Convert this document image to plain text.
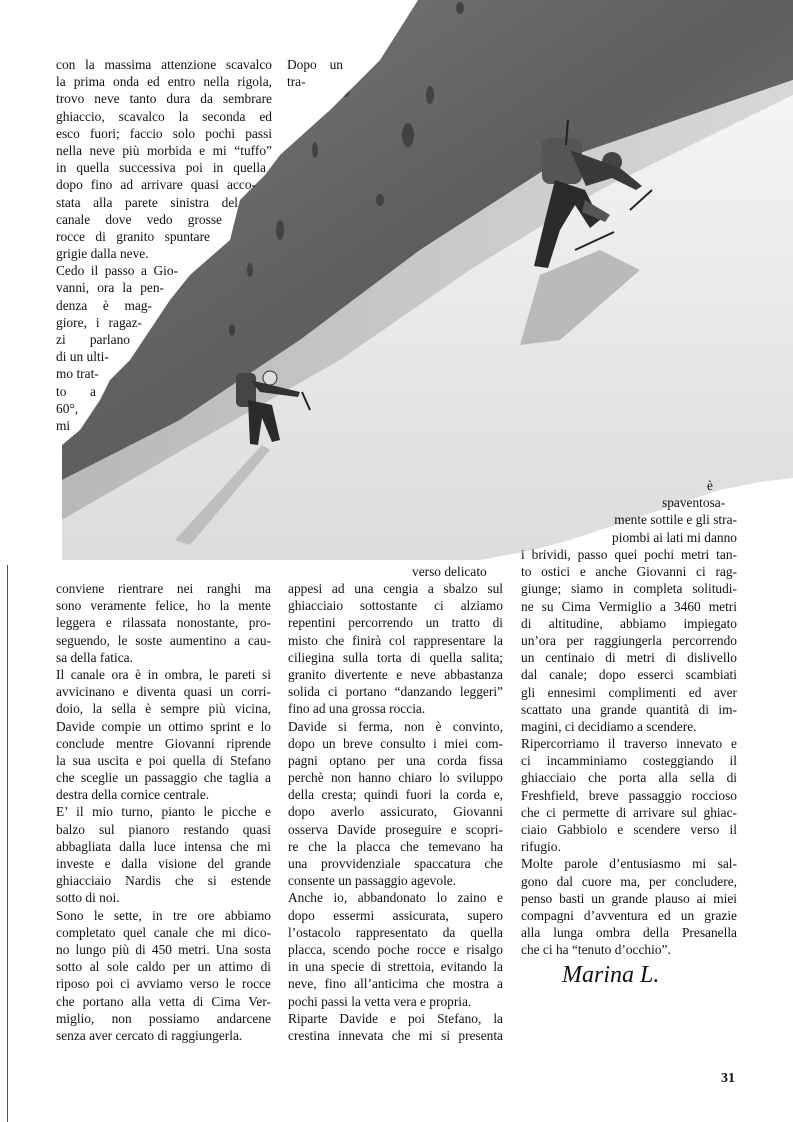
con la massima attenzione scavalco
la prima onda ed entro nella rigola,
trovo neve tanto dura da sembrare
ghiaccio, scavalco la seconda ed
esco fuori; faccio solo pochi passi
nella neve più morbida e mi “tuffo”
in quella successiva poi in quella
dopo fino ad arrivare quasi acco-
stata alla parete sinistra del
canale dove vedo grosse
rocce di granito spuntare
grigie dalla neve.
Cedo il passo a Gio-
vanni, ora la pen-
denza è mag-
giore, i ragaz-
zi parlano
di un ulti-
mo trat-
to a
60°,
mi
Dopo un
tra-
è
spaventosa-
mente sottile e gli stra-
piombi ai lati mi danno
verso delicato
conviene rientrare nei ranghi ma
sono veramente felice, ho la mente
leggera e rilassata nonostante, pro-
seguendo, le soste aumentino a cau-
sa della fatica.
Il canale ora è in ombra, le pareti si
avvicinano e diventa quasi un corri-
doio, la sella è sempre più vicina,
Davide compie un ottimo sprint e lo
conclude mentre Giovanni riprende
la sua uscita e poi quella di Stefano
che sceglie un passaggio che taglia a
destra della cornice centrale.
E’ il mio turno, pianto le picche e
balzo sul pianoro restando quasi
abbagliata dalla luce intensa che mi
investe e dalla visione del grande
ghiacciaio Nardis che si estende
sotto di noi.
Sono le sette, in tre ore abbiamo
completato quel canale che mi dico-
no lungo più di 450 metri. Una sosta
sotto al sole caldo per un attimo di
riposo poi ci avviamo verso le rocce
che portano alla vetta di Cima Ver-
miglio, non possiamo andarcene
senza aver cercato di raggiungerla.
appesi ad una cengia a sbalzo sul
ghiacciaio sottostante ci alziamo
repentini percorrendo un tratto di
misto che finirà col rappresentare la
ciliegina sulla torta di quella salita;
granito divertente e neve abbastanza
solida ci portano “danzando leggeri”
fino ad una grossa roccia.
Davide si ferma, non è convinto,
dopo un breve consulto i miei com-
pagni optano per una corda fissa
perchè non hanno chiaro lo sviluppo
della cresta; quindi fuori la corda e,
dopo averlo assicurato, Giovanni
osserva Davide proseguire e scopri-
re che la placca che temevano ha
una provvidenziale spaccatura che
consente un passaggio agevole.
Anche io, abbandonato lo zaino e
dopo essermi assicurata, supero
l’ostacolo rappresentato da quella
placca, scendo poche rocce e risalgo
in una specie di strettoia, evitando la
neve, fino all’anticima che mostra a
pochi passi la vetta vera e propria.
Riparte Davide e poi Stefano, la
crestina innevata che mi si presenta
i brividi, passo quei pochi metri tan-
to ostici e anche Giovanni ci rag-
giunge; siamo in completa solitudi-
ne su Cima Vermiglio a 3460 metri
di altitudine, abbiamo impiegato
un’ora per raggiungerla percorrendo
un centinaio di metri di dislivello
dal canale; dopo esserci scambiati
gli ennesimi complimenti ed aver
scattato una grande quantità di im-
magini, ci decidiamo a scendere.
Ripercorriamo il traverso innevato e
ci incamminiamo costeggiando il
ghiacciaio che porta alla sella di
Freshfield, breve passaggio roccioso
che ci permette di arrivare sul ghiac-
ciaio Gabbiolo e scendere verso il
rifugio.
Molte parole d’entusiasmo mi sal-
gono dal cuore ma, per concludere,
penso basti un grande plauso ai miei
compagni d’avventura ed un grazie
alla lunga ombra della Presanella
che ci ha “tenuto d’occhio”.
Marina L.
31
